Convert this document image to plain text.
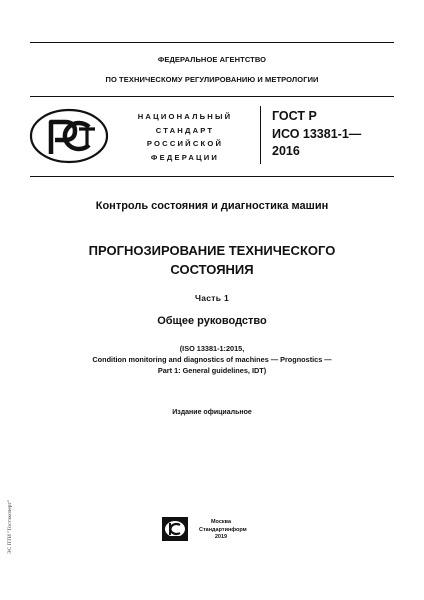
ФЕДЕРАЛЬНОЕ АГЕНТСТВО
ПО ТЕХНИЧЕСКОМУ РЕГУЛИРОВАНИЮ И МЕТРОЛОГИИ
НАЦИОНАЛЬНЫЙ
СТАНДАРТ
РОССИЙСКОЙ
ФЕДЕРАЦИИ
ГОСТ Р
ИСО 13381-1—
2016
Контроль состояния и диагностика машин
ПРОГНОЗИРОВАНИЕ ТЕХНИЧЕСКОГО
СОСТОЯНИЯ
Часть 1
Общее руководство
(ISO 13381-1:2015,
Condition monitoring and diagnostics of machines — Prognostics —
Part 1: General guidelines, IDT)
Издание официальное
Москва
Стандартинформ
2019
ЭС ПТИ "Гостэксперт"
